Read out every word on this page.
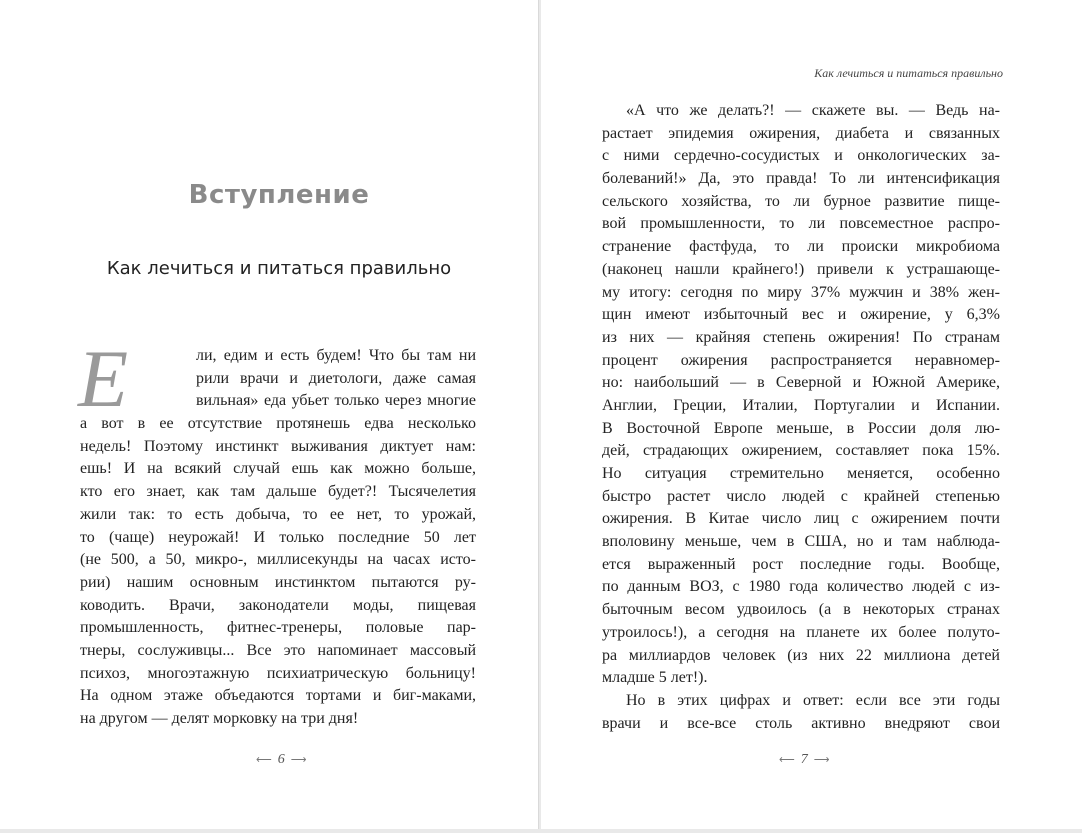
Вступление
Как лечиться и питаться правильно
Е	ли, едим и есть будем! Что бы там ни
рили врачи и диетологи, даже самая
вильная» еда убьет только через многие
а вот в ее отсутствие протянешь едва несколько
недель! Поэтому инстинкт выживания диктует нам:
ешь! И на всякий случай ешь как можно больше,
кто его знает, как там дальше будет?! Тысячелетия
жили так: то есть добыча, то ее нет, то урожай,
то (чаще) неурожай! И только последние 50 лет
(не 500, а 50, микро-, миллисекунды на часах исто-
рии) нашим основным инстинктом пытаются ру-
ководить. Врачи, законодатели моды, пищевая
промышленность, фитнес-тренеры, половые пар-
тнеры, сослуживцы... Все это напоминает массовый
психоз, многоэтажную психиатрическую больницу!
На одном этаже объедаются тортами и биг-маками,
на другом — делят морковку на три дня!
⟵ 6 ⟶
Как лечиться и питаться правильно
«А что же делать?! — скажете вы. — Ведь на-
растает эпидемия ожирения, диабета и связанных
с ними сердечно-сосудистых и онкологических за-
болеваний!» Да, это правда! То ли интенсификация
сельского хозяйства, то ли бурное развитие пище-
вой промышленности, то ли повсеместное распро-
странение фастфуда, то ли происки микробиома
(наконец нашли крайнего!) привели к устрашающе-
му итогу: сегодня по миру 37% мужчин и 38% жен-
щин имеют избыточный вес и ожирение, у 6,3%
из них — крайняя степень ожирения! По странам
процент ожирения распространяется неравномер-
но: наибольший — в Северной и Южной Америке,
Англии, Греции, Италии, Португалии и Испании.
В Восточной Европе меньше, в России доля лю-
дей, страдающих ожирением, составляет пока 15%.
Но ситуация стремительно меняется, особенно
быстро растет число людей с крайней степенью
ожирения. В Китае число лиц с ожирением почти
вполовину меньше, чем в США, но и там наблюда-
ется выраженный рост последние годы. Вообще,
по данным ВОЗ, с 1980 года количество людей с из-
быточным весом удвоилось (а в некоторых странах
утроилось!), а сегодня на планете их более полуто-
ра миллиардов человек (из них 22 миллиона детей
младше 5 лет!).
Но в этих цифрах и ответ: если все эти годы
врачи и все-все столь активно внедряют свои
⟵ 7 ⟶
